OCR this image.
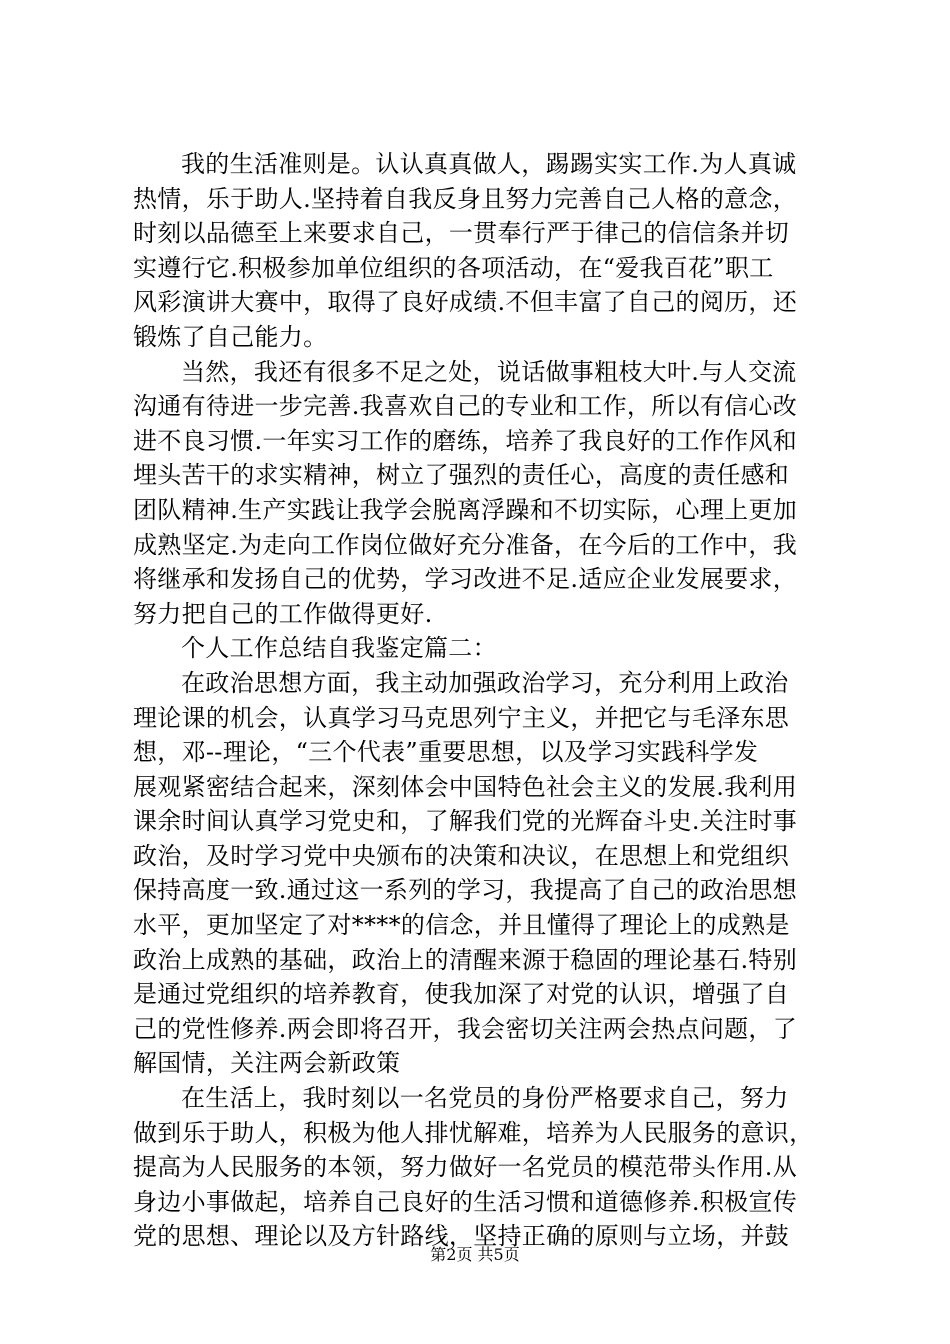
我的生活准则是。认认真真做人，踢踢实实工作.为人真诚
热情，乐于助人.坚持着自我反身且努力完善自己人格的意念，
时刻以品德至上来要求自己，一贯奉行严于律己的信信条并切
实遵行它.积极参加单位组织的各项活动，在“爱我百花”职工
风彩演讲大赛中，取得了良好成绩.不但丰富了自己的阅历，还
锻炼了自己能力。
当然，我还有很多不足之处，说话做事粗枝大叶.与人交流
沟通有待进一步完善.我喜欢自己的专业和工作，所以有信心改
进不良习惯.一年实习工作的磨练，培养了我良好的工作作风和
埋头苦干的求实精神，树立了强烈的责任心，高度的责任感和
团队精神.生产实践让我学会脱离浮躁和不切实际，心理上更加
成熟坚定.为走向工作岗位做好充分准备，在今后的工作中，我
将继承和发扬自己的优势，学习改进不足.适应企业发展要求，
努力把自己的工作做得更好.
个人工作总结自我鉴定篇二：
在政治思想方面，我主动加强政治学习，充分利用上政治
理论课的机会，认真学习马克思列宁主义，并把它与毛泽东思
想，邓--理论，“三个代表”重要思想，以及学习实践科学发
展观紧密结合起来，深刻体会中国特色社会主义的发展.我利用
课余时间认真学习党史和，了解我们党的光辉奋斗史.关注时事
政治，及时学习党中央颁布的决策和决议，在思想上和党组织
保持高度一致.通过这一系列的学习，我提高了自己的政治思想
水平，更加坚定了对****的信念，并且懂得了理论上的成熟是
政治上成熟的基础，政治上的清醒来源于稳固的理论基石.特别
是通过党组织的培养教育，使我加深了对党的认识，增强了自
己的党性修养.两会即将召开，我会密切关注两会热点问题，了
解国情，关注两会新政策
在生活上，我时刻以一名党员的身份严格要求自己，努力
做到乐于助人，积极为他人排忧解难，培养为人民服务的意识，
提高为人民服务的本领，努力做好一名党员的模范带头作用.从
身边小事做起，培养自己良好的生活习惯和道德修养.积极宣传
党的思想、理论以及方针路线，坚持正确的原则与立场，并鼓
第2页 共5页
